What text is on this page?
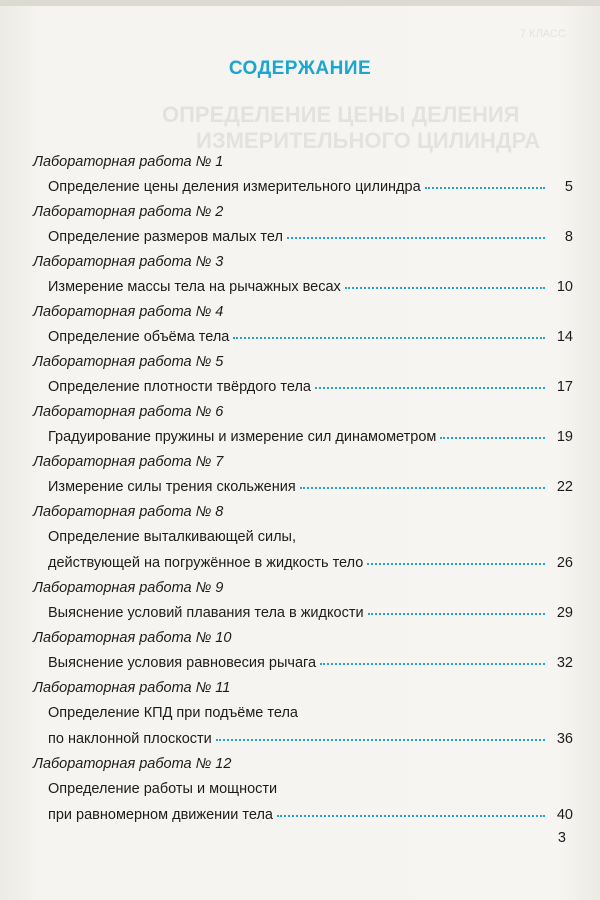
7 КЛАСС
ОПРЕДЕЛЕНИЕ ЦЕНЫ ДЕЛЕНИЯ
ИЗМЕРИТЕЛЬНОГО ЦИЛИНДРА
СОДЕРЖАНИЕ
Лабораторная работа № 1
Определение цены деления измерительного цилиндра	5
Лабораторная работа № 2
Определение размеров малых тел	8
Лабораторная работа № 3
Измерение массы тела на рычажных весах	10
Лабораторная работа № 4
Определение объёма тела	14
Лабораторная работа № 5
Определение плотности твёрдого тела	17
Лабораторная работа № 6
Градуирование пружины и измерение сил динамометром	19
Лабораторная работа № 7
Измерение силы трения скольжения	22
Лабораторная работа № 8
Определение выталкивающей силы,
действующей на погружённое в жидкость тело	26
Лабораторная работа № 9
Выяснение условий плавания тела в жидкости	29
Лабораторная работа № 10
Выяснение условия равновесия рычага	32
Лабораторная работа № 11
Определение КПД при подъёме тела
по наклонной плоскости	36
Лабораторная работа № 12
Определение работы и мощности
при равномерном движении тела	40
3
